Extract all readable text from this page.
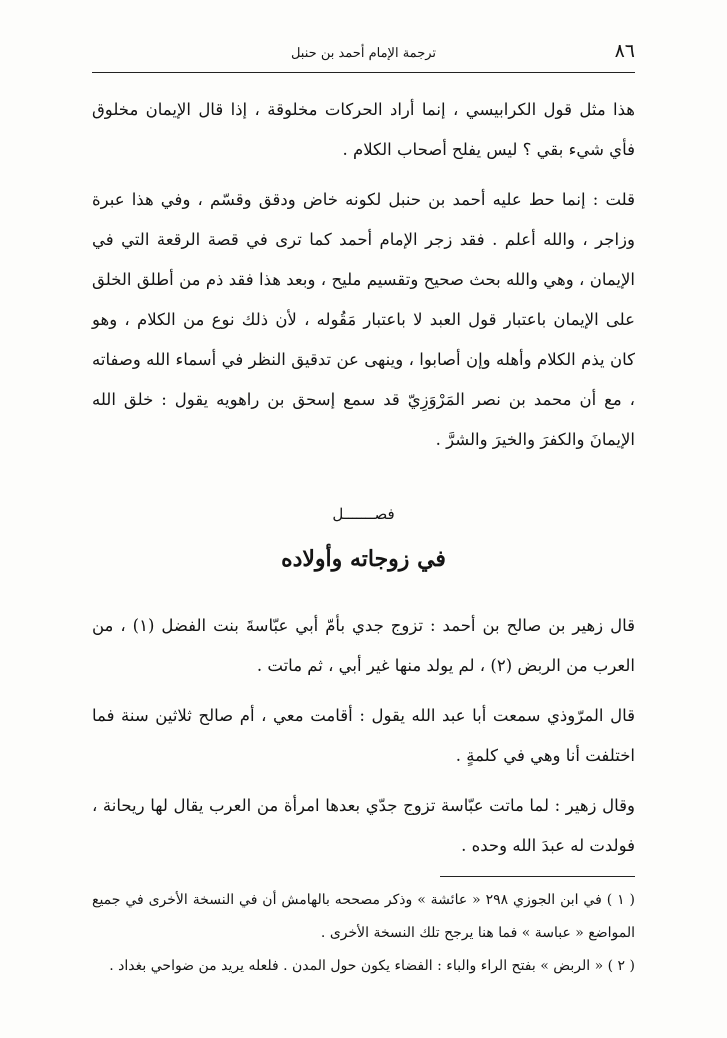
٨٦
ترجمة الإمام أحمد بن حنبل

هذا مثل قول الكرابيسي ، إنما أراد الحركات مخلوقة ، إذا قال الإيمان مخلوق فأي شيء بقي ؟ ليس يفلح أصحاب الكلام .

قلت : إنما حط عليه أحمد بن حنبل لكونه خاض ودقق وقسّم ، وفي هذا عبرة وزاجر ، والله أعلم . فقد زجر الإمام أحمد كما ترى في قصة الرقعة التي في الإيمان ، وهي والله بحث صحيح وتقسيم مليح ، وبعد هذا فقد ذم من أطلق الخلق على الإيمان باعتبار قول العبد لا باعتبار مَقُوله ، لأن ذلك نوع من الكلام ، وهو كان يذم الكلام وأهله وإن أصابوا ، وينهى عن تدقيق النظر في أسماء الله وصفاته ، مع أن محمد بن نصر المَرْوَزِيّ قد سمع إسحق بن راهويه يقول : خلق الله الإيمانَ والكفرَ والخيرَ والشرَّ .

فصـــــــل
في زوجاته وأولاده

قال زهير بن صالح بن أحمد : تزوج جدي بأمّ أبي عبّاسةَ بنت الفضل (١) ، من العرب من الربض (٢) ، لم يولد منها غير أبي ، ثم ماتت .

قال المرّوذي سمعت أبا عبد الله يقول : أقامت معي ، أم صالح ثلاثين سنة فما اختلفت أنا وهي في كلمةٍ .

وقال زهير : لما ماتت عبّاسة تزوج جدّي بعدها امرأة من العرب يقال لها ريحانة ، فولدت له عبدَ الله وحده .

( ١ ) في ابن الجوزي ٢٩٨ « عائشة » وذكر مصححه بالهامش أن في النسخة الأخرى في جميع المواضع « عباسة » فما هنا يرجح تلك النسخة الأخرى .

( ٢ ) « الربض » بفتح الراء والباء : الفضاء يكون حول المدن . فلعله يريد من ضواحي بغداد .
